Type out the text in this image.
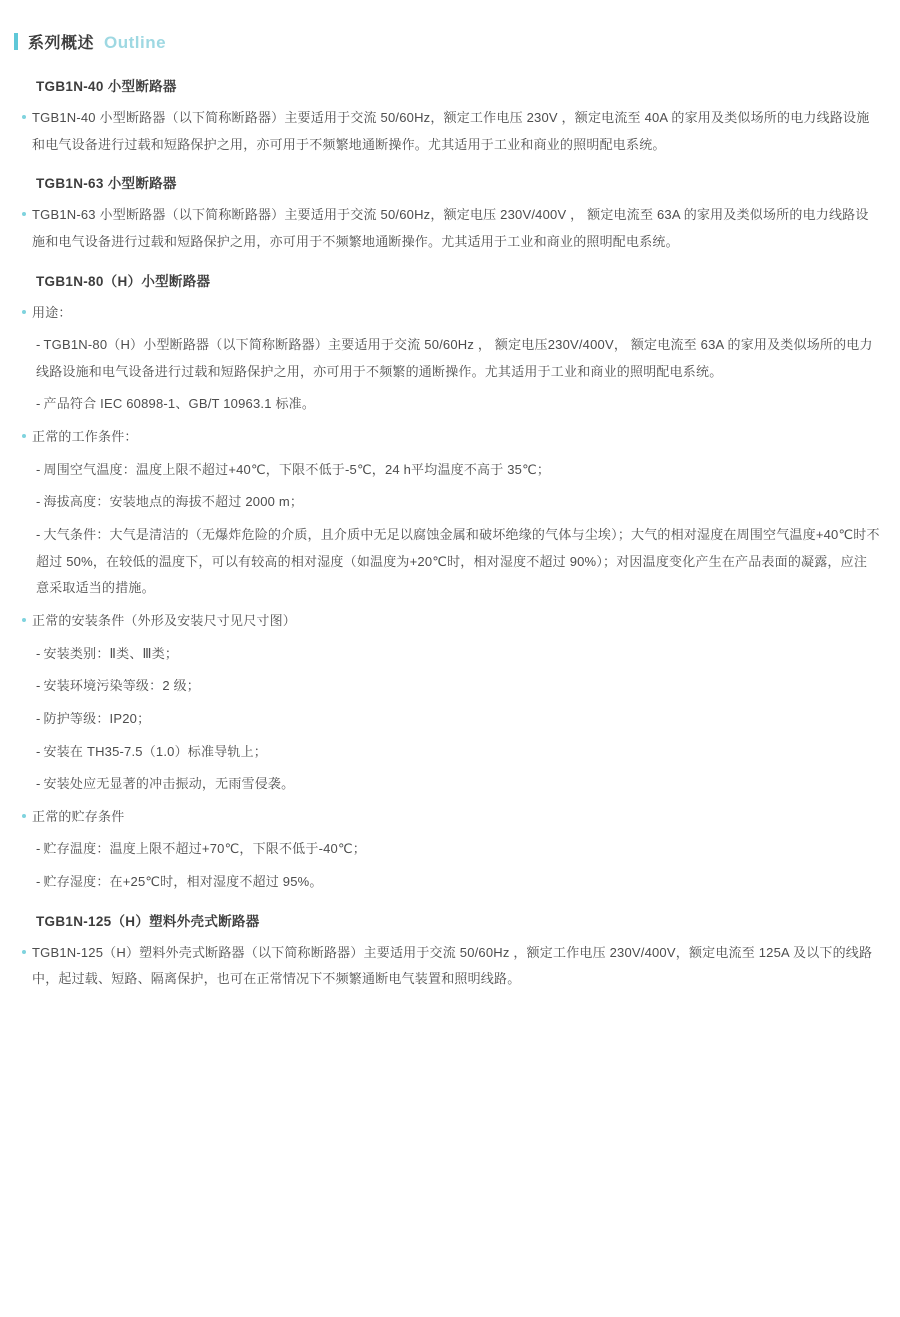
系列概述 Outline
TGB1N-40 小型断路器
TGB1N-40 小型断路器（以下简称断路器）主要适用于交流 50/60Hz，额定工作电压 230V ，额定电流至 40A 的家用及类似场所的电力线路设施和电气设备进行过载和短路保护之用，亦可用于不频繁地通断操作。尤其适用于工业和商业的照明配电系统。
TGB1N-63 小型断路器
TGB1N-63 小型断路器（以下简称断路器）主要适用于交流 50/60Hz，额定电压 230V/400V ， 额定电流至 63A 的家用及类似场所的电力线路设施和电气设备进行过载和短路保护之用，亦可用于不频繁地通断操作。尤其适用于工业和商业的照明配电系统。
TGB1N-80（H）小型断路器
用途：
- TGB1N-80（H）小型断路器（以下简称断路器）主要适用于交流 50/60Hz ， 额定电压230V/400V， 额定电流至 63A 的家用及类似场所的电力线路设施和电气设备进行过载和短路保护之用，亦可用于不频繁的通断操作。尤其适用于工业和商业的照明配电系统。
- 产品符合 IEC 60898-1、GB/T 10963.1 标准。
正常的工作条件：
- 周围空气温度：温度上限不超过+40℃，下限不低于-5℃，24 h平均温度不高于 35℃；
- 海拔高度：安装地点的海拔不超过 2000 m；
- 大气条件：大气是清洁的（无爆炸危险的介质，且介质中无足以腐蚀金属和破坏绝缘的气体与尘埃）；大气的相对湿度在周围空气温度+40℃时不超过 50%，在较低的温度下，可以有较高的相对湿度（如温度为+20℃时，相对湿度不超过 90%）；对因温度变化产生在产品表面的凝露，应注意采取适当的措施。
正常的安装条件（外形及安装尺寸见尺寸图）
- 安装类别：Ⅱ类、Ⅲ类；
- 安装环境污染等级：2 级；
- 防护等级：IP20；
- 安装在 TH35-7.5（1.0）标准导轨上；
- 安装处应无显著的冲击振动，无雨雪侵袭。
正常的贮存条件
- 贮存温度：温度上限不超过+70℃，下限不低于-40℃；
- 贮存湿度：在+25℃时，相对湿度不超过 95%。
TGB1N-125（H）塑料外壳式断路器
TGB1N-125（H）塑料外壳式断路器（以下简称断路器）主要适用于交流 50/60Hz ，额定工作电压 230V/400V，额定电流至 125A 及以下的线路中，起过载、短路、隔离保护，也可在正常情况下不频繁通断电气装置和照明线路。
